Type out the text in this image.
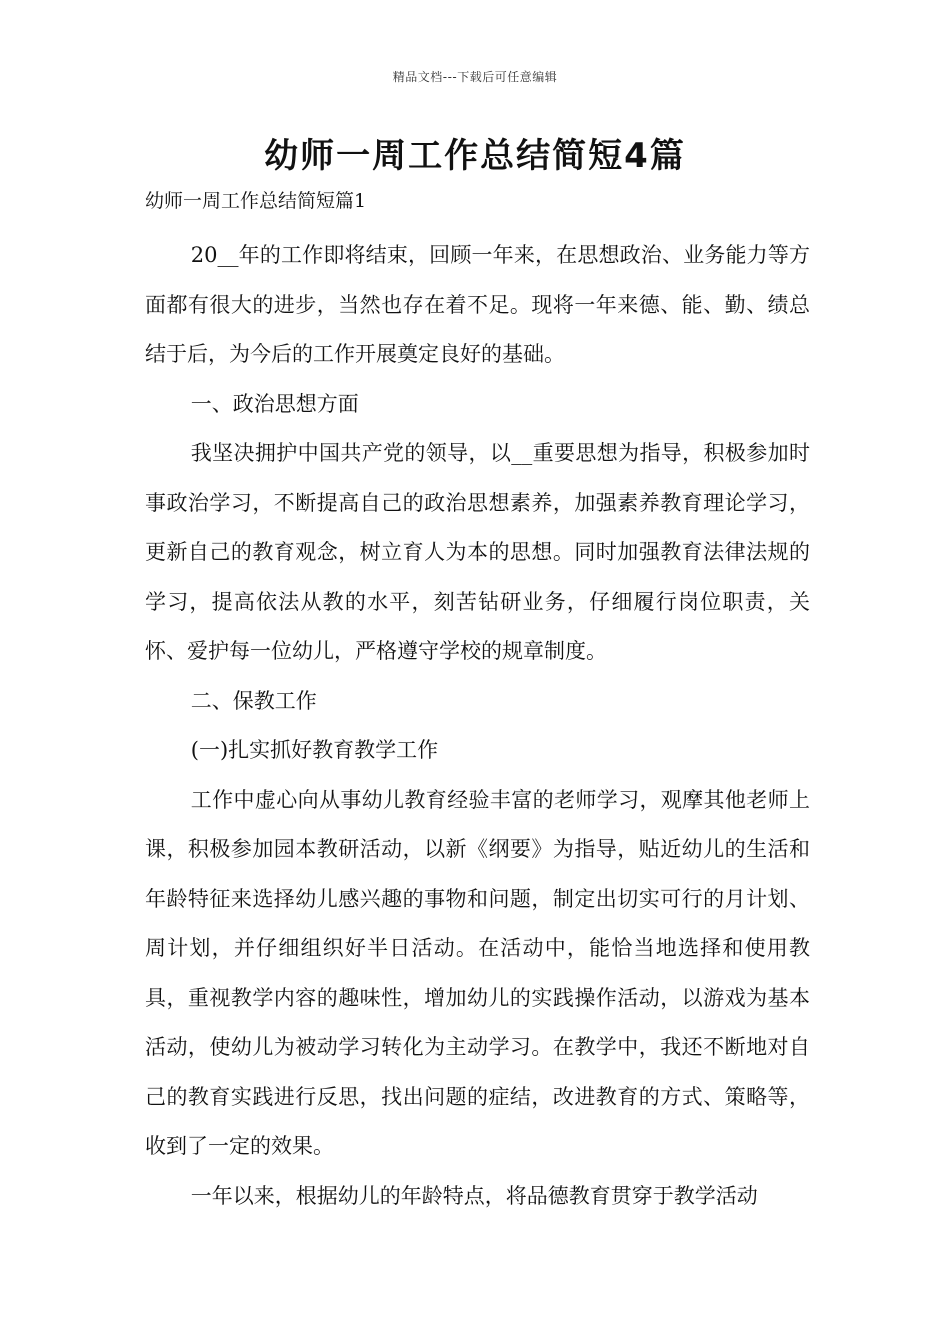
精品文档---下载后可任意编辑
幼师一周工作总结简短4篇

幼师一周工作总结简短篇1

20__年的工作即将结束，回顾一年来，在思想政治、业务能力等方面都有很大的进步，当然也存在着不足。现将一年来德、能、勤、绩总结于后，为今后的工作开展奠定良好的基础。

一、政治思想方面

我坚决拥护中国共产党的领导，以__重要思想为指导，积极参加时事政治学习，不断提高自己的政治思想素养，加强素养教育理论学习，更新自己的教育观念，树立育人为本的思想。同时加强教育法律法规的学习，提高依法从教的水平，刻苦钻研业务，仔细履行岗位职责，关怀、爱护每一位幼儿，严格遵守学校的规章制度。

二、保教工作

(一)扎实抓好教育教学工作

工作中虚心向从事幼儿教育经验丰富的老师学习，观摩其他老师上课，积极参加园本教研活动，以新《纲要》为指导，贴近幼儿的生活和年龄特征来选择幼儿感兴趣的事物和问题，制定出切实可行的月计划、周计划，并仔细组织好半日活动。在活动中，能恰当地选择和使用教具，重视教学内容的趣味性，增加幼儿的实践操作活动，以游戏为基本活动，使幼儿为被动学习转化为主动学习。在教学中，我还不断地对自己的教育实践进行反思，找出问题的症结，改进教育的方式、策略等，收到了一定的效果。

一年以来，根据幼儿的年龄特点，将品德教育贯穿于教学活动
